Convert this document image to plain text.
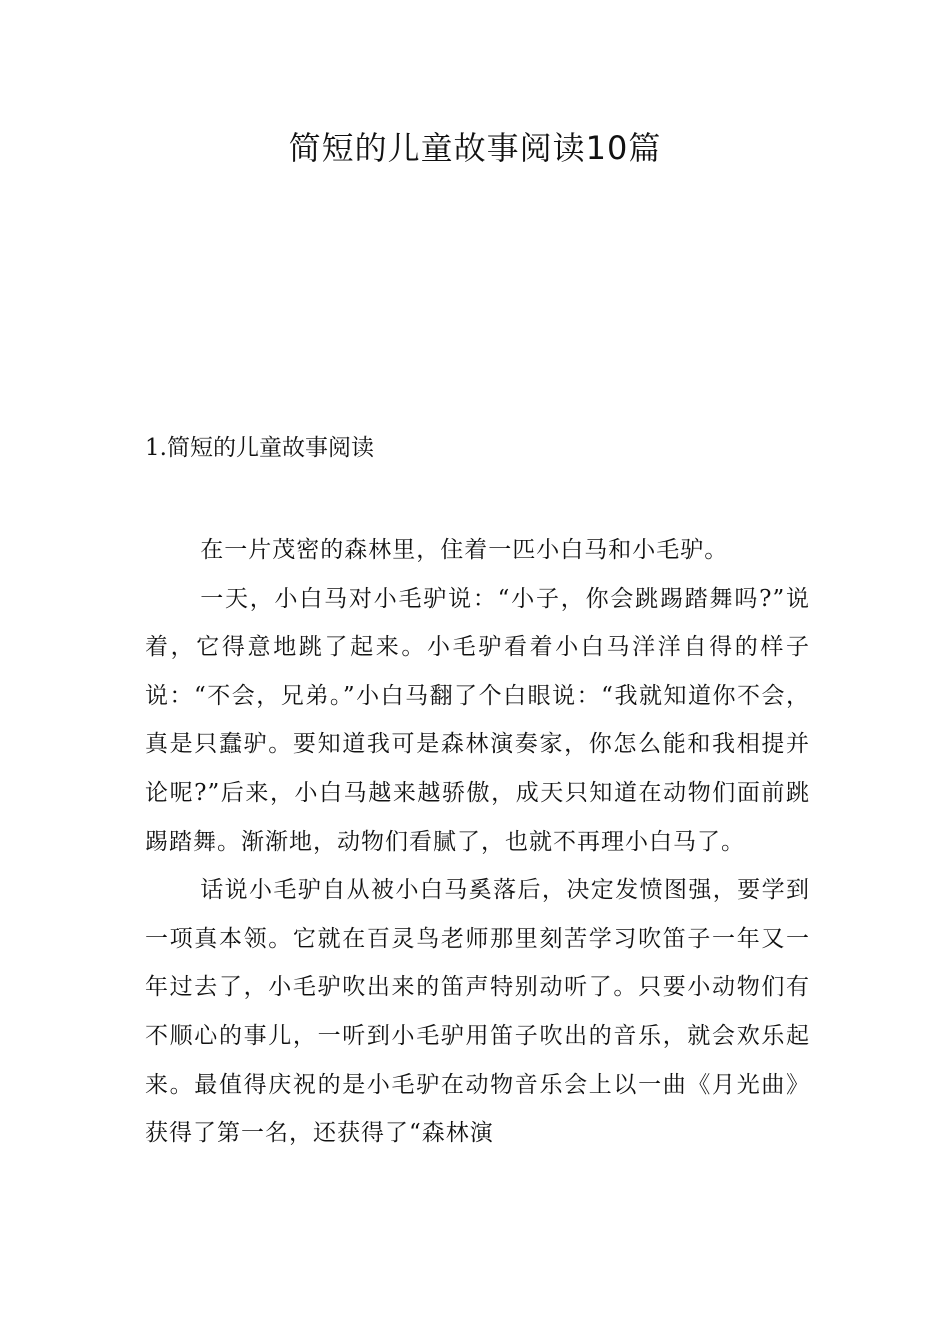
简短的儿童故事阅读10篇
1.简短的儿童故事阅读

在一片茂密的森林里，住着一匹小白马和小毛驴。

一天，小白马对小毛驴说：“小子，你会跳踢踏舞吗?”说着，它得意地跳了起来。小毛驴看着小白马洋洋自得的样子说：“不会，兄弟。”小白马翻了个白眼说：“我就知道你不会，真是只蠢驴。要知道我可是森林演奏家，你怎么能和我相提并论呢?”后来，小白马越来越骄傲，成天只知道在动物们面前跳踢踏舞。渐渐地，动物们看腻了，也就不再理小白马了。

话说小毛驴自从被小白马奚落后，决定发愤图强，要学到一项真本领。它就在百灵鸟老师那里刻苦学习吹笛子一年又一年过去了，小毛驴吹出来的笛声特别动听了。只要小动物们有不顺心的事儿，一听到小毛驴用笛子吹出的音乐，就会欢乐起来。最值得庆祝的是小毛驴在动物音乐会上以一曲《月光曲》获得了第一名，还获得了“森林演
